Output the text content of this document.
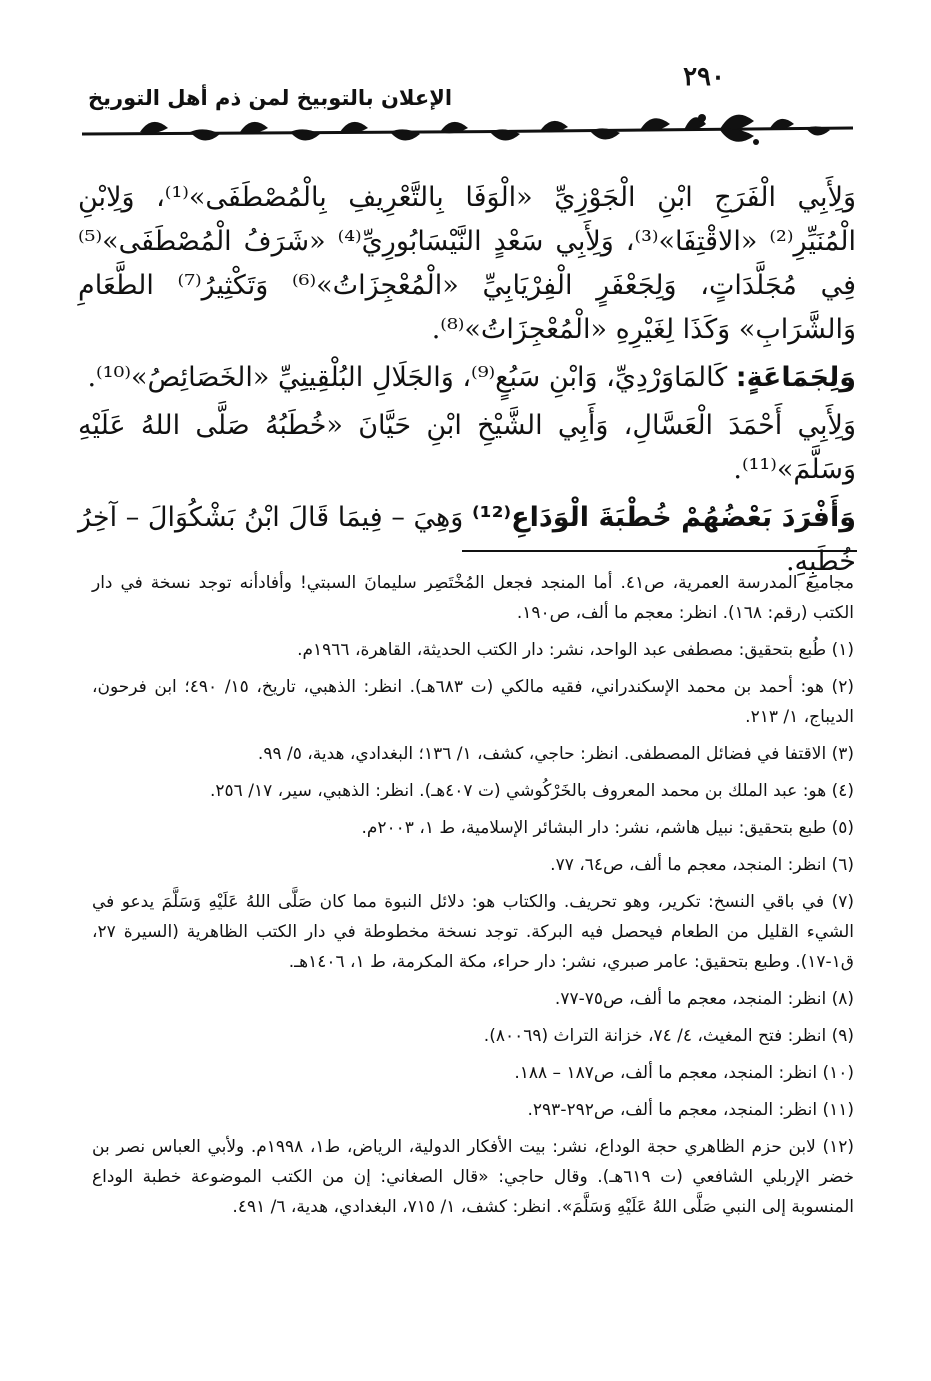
٢٩٠
الإعلان بالتوبيخ لمن ذم أهل التوريخ

وَلِأَبِي الْفَرَجِ ابْنِ الْجَوْزِيِّ «الْوَفَا بِالتَّعْرِيفِ بِالْمُصْطَفَى»⁽¹⁾، وَلِابْنِ الْمُنَيِّرِ⁽²⁾ «الاقْتِفَا»⁽³⁾، وَلِأَبِي سَعْدٍ النَّيْسَابُورِيِّ⁽⁴⁾ «شَرَفُ الْمُصْطَفَى»⁽⁵⁾ فِي مُجَلَّدَاتٍ، وَلِجَعْفَرٍ الْفِرْيَابِيِّ «الْمُعْجِزَاتُ»⁽⁶⁾ وَتَكْثِيرُ⁽⁷⁾ الطَّعَامِ وَالشَّرَابِ» وَكَذَا لِغَيْرِهِ «الْمُعْجِزَاتُ»⁽⁸⁾.

وَلِجَمَاعَةٍ: كَالمَاوَرْدِيِّ، وَابْنِ سَبُعٍ⁽⁹⁾، وَالجَلَالِ البُلْقِينِيِّ «الخَصَائِصُ»⁽¹⁰⁾.

وَلِأَبِي أَحْمَدَ الْعَسَّالِ، وَأَبِي الشَّيْخِ ابْنِ حَيَّانَ «خُطَبُهُ صَلَّى اللهُ عَلَيْهِ وَسَلَّمَ»⁽¹¹⁾.

وَأَفْرَدَ بَعْضُهُمْ خُطْبَةَ الْوَدَاعِ⁽¹²⁾ وَهِيَ – فِيمَا قَالَ ابْنُ بَشْكُوَالَ – آخِرُ خُطَبِهِ.

مجاميع المدرسة العمرية، ص٤١. أما المنجد فجعل المُخْتَصِر سليمانَ السبتي! وأفادأنه توجد نسخة في دار الكتب (رقم: ١٦٨). انظر: معجم ما ألف، ص١٩٠.

(١) طُبع بتحقيق: مصطفى عبد الواحد، نشر: دار الكتب الحديثة، القاهرة، ١٩٦٦م.

(٢) هو: أحمد بن محمد الإسكندراني، فقيه مالكي (ت ٦٨٣هـ). انظر: الذهبي، تاريخ، ١٥/ ٤٩٠؛ ابن فرحون، الديباج، ١/ ٢١٣.

(٣) الاقتفا في فضائل المصطفى. انظر: حاجي، كشف، ١/ ١٣٦؛ البغدادي، هدية، ٥/ ٩٩.

(٤) هو: عبد الملك بن محمد المعروف بالخَرْكُوشي (ت ٤٠٧هـ). انظر: الذهبي، سير، ١٧/ ٢٥٦.

(٥) طبع بتحقيق: نبيل هاشم، نشر: دار البشائر الإسلامية، ط ١، ٢٠٠٣م.

(٦) انظر: المنجد، معجم ما ألف، ص٦٤، ٧٧.

(٧) في باقي النسخ: تكرير، وهو تحريف. والكتاب هو: دلائل النبوة مما كان صَلَّى اللهُ عَلَيْهِ وَسَلَّمَ يدعو في الشيء القليل من الطعام فيحصل فيه البركة. توجد نسخة مخطوطة في دار الكتب الظاهرية (السيرة ٢٧، ق١-١٧). وطبع بتحقيق: عامر صبري، نشر: دار حراء، مكة المكرمة، ط ١، ١٤٠٦هـ.

(٨) انظر: المنجد، معجم ما ألف، ص٧٥-٧٧.

(٩) انظر: فتح المغيث، ٤/ ٧٤، خزانة التراث (٨٠٠٦٩).

(١٠) انظر: المنجد، معجم ما ألف، ص١٨٧ – ١٨٨.

(١١) انظر: المنجد، معجم ما ألف، ص٢٩٢-٢٩٣.

(١٢) لابن حزم الظاهري حجة الوداع، نشر: بيت الأفكار الدولية، الرياض، ط١، ١٩٩٨م. ولأبي العباس نصر بن خضر الإربلي الشافعي (ت ٦١٩هـ). وقال حاجي: «قال الصغاني: إن من الكتب الموضوعة خطبة الوداع المنسوبة إلى النبي صَلَّى اللهُ عَلَيْهِ وَسَلَّمَ». انظر: كشف، ١/ ٧١٥، البغدادي، هدية، ٦/ ٤٩١.
